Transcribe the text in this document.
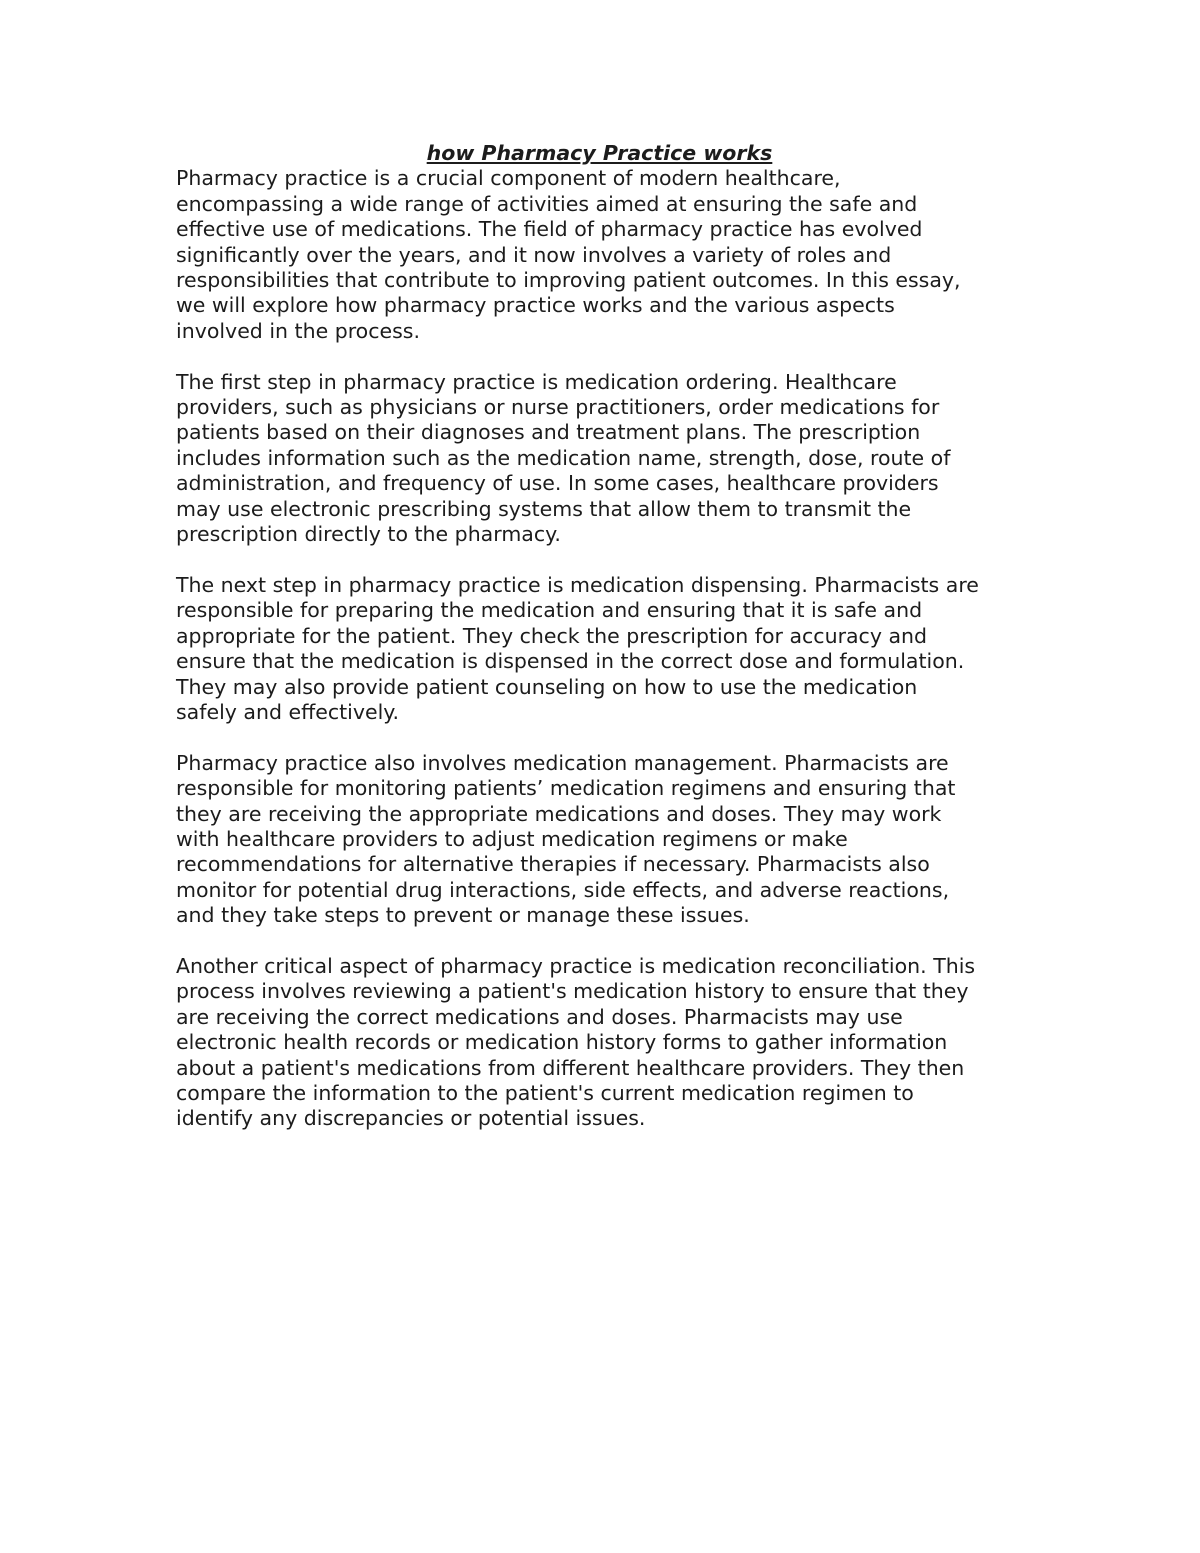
how Pharmacy Practice works
Pharmacy practice is a crucial component of modern healthcare,
encompassing a wide range of activities aimed at ensuring the safe and
effective use of medications. The field of pharmacy practice has evolved
significantly over the years, and it now involves a variety of roles and
responsibilities that contribute to improving patient outcomes. In this essay,
we will explore how pharmacy practice works and the various aspects
involved in the process.
The first step in pharmacy practice is medication ordering. Healthcare
providers, such as physicians or nurse practitioners, order medications for
patients based on their diagnoses and treatment plans. The prescription
includes information such as the medication name, strength, dose, route of
administration, and frequency of use. In some cases, healthcare providers
may use electronic prescribing systems that allow them to transmit the
prescription directly to the pharmacy.
The next step in pharmacy practice is medication dispensing. Pharmacists are
responsible for preparing the medication and ensuring that it is safe and
appropriate for the patient. They check the prescription for accuracy and
ensure that the medication is dispensed in the correct dose and formulation.
They may also provide patient counseling on how to use the medication
safely and effectively.
Pharmacy practice also involves medication management. Pharmacists are
responsible for monitoring patients’ medication regimens and ensuring that
they are receiving the appropriate medications and doses. They may work
with healthcare providers to adjust medication regimens or make
recommendations for alternative therapies if necessary. Pharmacists also
monitor for potential drug interactions, side effects, and adverse reactions,
and they take steps to prevent or manage these issues.
Another critical aspect of pharmacy practice is medication reconciliation. This
process involves reviewing a patient's medication history to ensure that they
are receiving the correct medications and doses. Pharmacists may use
electronic health records or medication history forms to gather information
about a patient's medications from different healthcare providers. They then
compare the information to the patient's current medication regimen to
identify any discrepancies or potential issues.
